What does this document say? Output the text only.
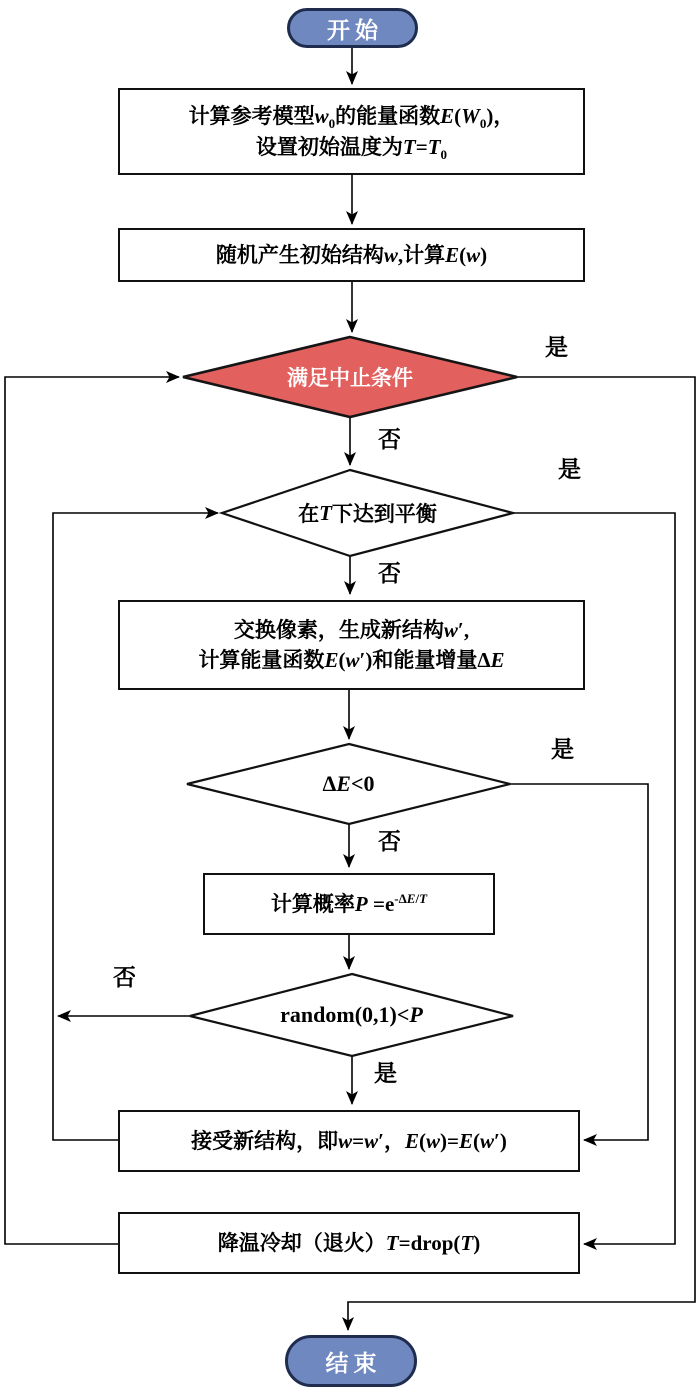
开始
结束
计算参考模型$w_0$的能量函数$E(W_0)$，
设置初始温度为$T=T_0$
随机产生初始结构w,计算E(w)
交换像素，生成新结构w′,
计算能量函数E(w′)和能量增量ΔE
计算概率$P =e^{-\Delta E/T}$
接受新结构，即w=w′，E(w)=E(w′)
降温冷却（退火）T=drop(T)
满足中止条件
在 T 下达到平衡
Δ E <0
random(0,1)< P
是
否
是
否
是
否
否
是
